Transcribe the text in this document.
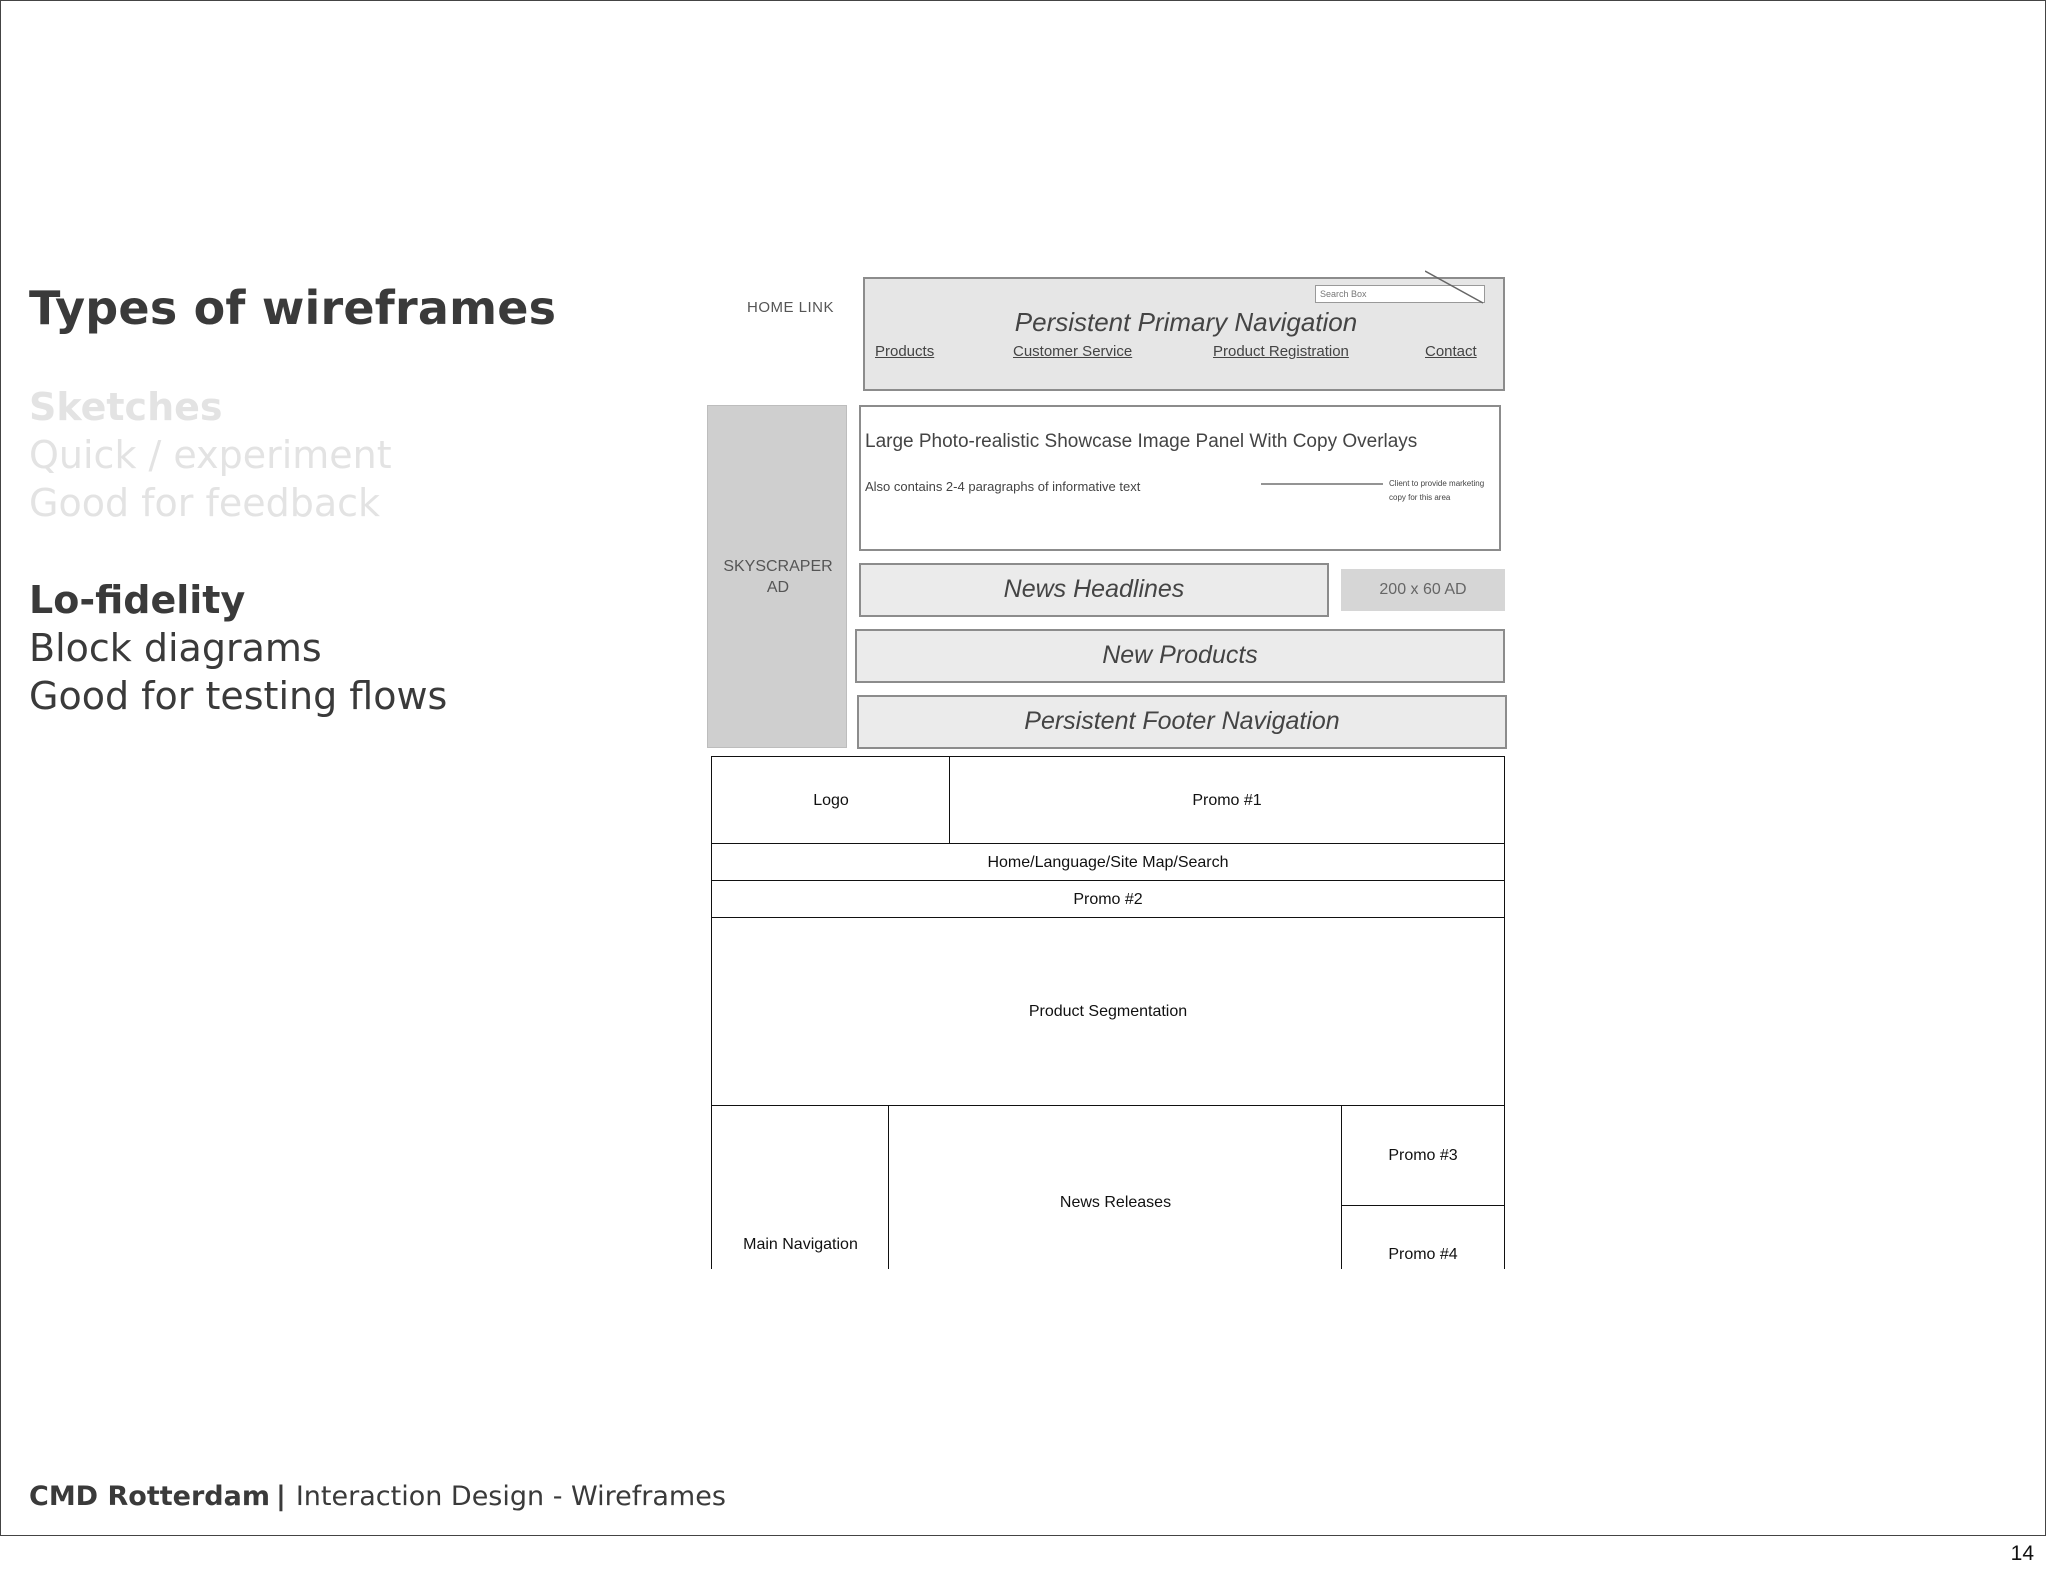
Types of wireframes
Sketches
Quick / experiment
Good for feedback
Lo-fidelity
Block diagrams
Good for testing flows
HOME LINK
Search Box
Persistent Primary Navigation
Products	Customer Service	Product Registration	Contact
SKYSCRAPER
AD
Large Photo-realistic Showcase Image Panel With Copy Overlays
Also contains 2-4 paragraphs of informative text	Client to provide marketing copy for this area
News Headlines	200 x 60 AD
New Products
Persistent Footer Navigation
Logo	Promo #1
Home/Language/Site Map/Search
Promo #2
Product Segmentation
Main Navigation
News Releases
Promo #3
Promo #4
CMD Rotterdam | Interaction Design - Wireframes
14
